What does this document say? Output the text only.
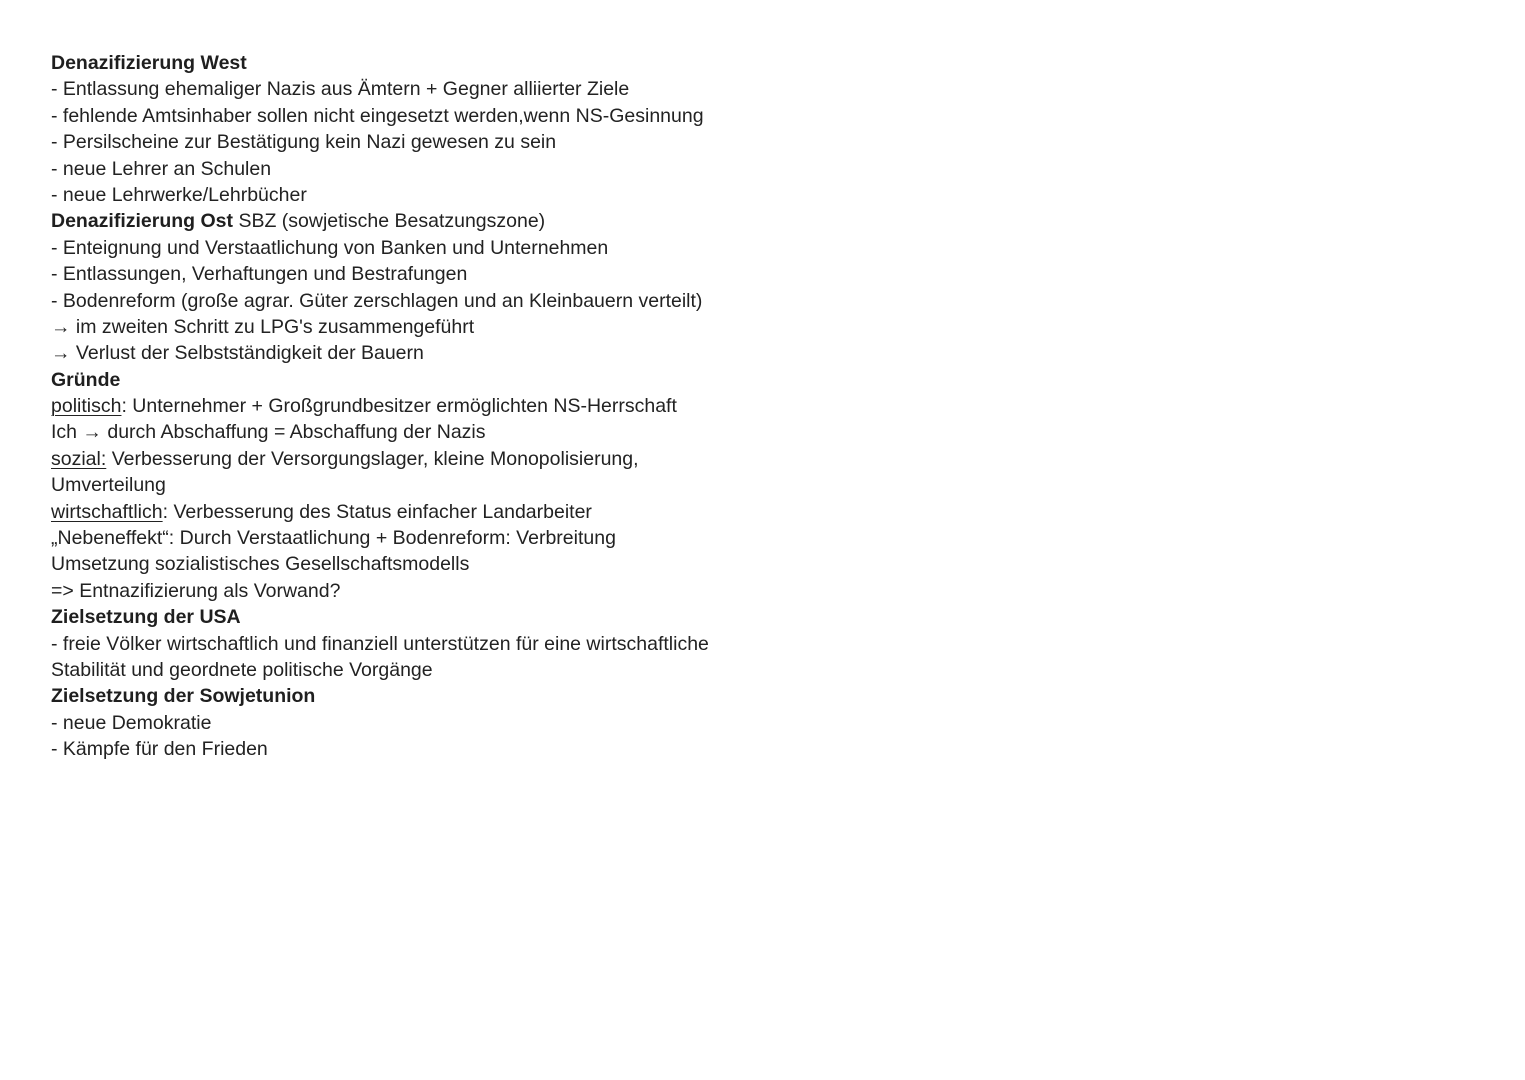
Denazifizierung West
- Entlassung ehemaliger Nazis aus Ämtern + Gegner alliierter Ziele
- fehlende Amtsinhaber sollen nicht eingesetzt werden,wenn NS-Gesinnung
- Persilscheine zur Bestätigung kein Nazi gewesen zu sein
- neue Lehrer an Schulen
- neue Lehrwerke/Lehrbücher
Denazifizierung Ost SBZ (sowjetische Besatzungszone)
- Enteignung und Verstaatlichung von Banken und Unternehmen
- Entlassungen, Verhaftungen und Bestrafungen
- Bodenreform (große agrar. Güter zerschlagen und an Kleinbauern verteilt)
→ im zweiten Schritt zu LPG's zusammengeführt
→ Verlust der Selbstständigkeit der Bauern
Gründe
politisch: Unternehmer + Großgrundbesitzer ermöglichten NS-Herrschaft
Ich → durch Abschaffung = Abschaffung der Nazis
sozial: Verbesserung der Versorgungslager, kleine Monopolisierung,
Umverteilung
wirtschaftlich: Verbesserung des Status einfacher Landarbeiter
„Nebeneffekt“: Durch Verstaatlichung + Bodenreform: Verbreitung
Umsetzung sozialistisches Gesellschaftsmodells
=> Entnazifizierung als Vorwand?
Zielsetzung der USA
- freie Völker wirtschaftlich und finanziell unterstützen für eine wirtschaftliche
Stabilität und geordnete politische Vorgänge
Zielsetzung der Sowjetunion
- neue Demokratie
- Kämpfe für den Frieden
